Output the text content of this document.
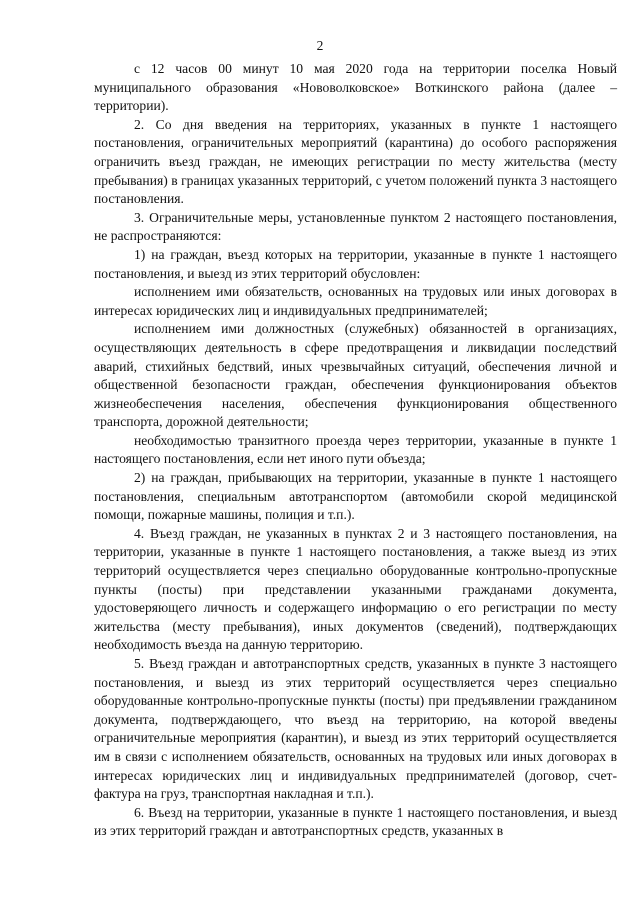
2

с 12 часов 00 минут 10 мая 2020 года на территории поселка Новый муниципального образования «Нововолковское» Воткинского района (далее – территории).

2. Со дня введения на территориях, указанных в пункте 1 настоящего постановления, ограничительных мероприятий (карантина) до особого распоряжения ограничить въезд граждан, не имеющих регистрации по месту жительства (месту пребывания) в границах указанных территорий, с учетом положений пункта 3 настоящего постановления.

3. Ограничительные меры, установленные пунктом 2 настоящего постановления, не распространяются:

1) на граждан, въезд которых на территории, указанные в пункте 1 настоящего постановления, и выезд из этих территорий обусловлен:

исполнением ими обязательств, основанных на трудовых или иных договорах в интересах юридических лиц и индивидуальных предпринимателей;

исполнением ими должностных (служебных) обязанностей в организациях, осуществляющих деятельность в сфере предотвращения и ликвидации последствий аварий, стихийных бедствий, иных чрезвычайных ситуаций, обеспечения личной и общественной безопасности граждан, обеспечения функционирования объектов жизнеобеспечения населения, обеспечения функционирования общественного транспорта, дорожной деятельности;

необходимостью транзитного проезда через территории, указанные в пункте 1 настоящего постановления, если нет иного пути объезда;

2) на граждан, прибывающих на территории, указанные в пункте 1 настоящего постановления, специальным автотранспортом (автомобили скорой медицинской помощи, пожарные машины, полиция и т.п.).

4. Въезд граждан, не указанных в пунктах 2 и 3 настоящего постановления, на территории, указанные в пункте 1 настоящего постановления, а также выезд из этих территорий осуществляется через специально оборудованные контрольно-пропускные пункты (посты) при представлении указанными гражданами документа, удостоверяющего личность и содержащего информацию о его регистрации по месту жительства (месту пребывания), иных документов (сведений), подтверждающих необходимость въезда на данную территорию.

5. Въезд граждан и автотранспортных средств, указанных в пункте 3 настоящего постановления, и выезд из этих территорий осуществляется через специально оборудованные контрольно-пропускные пункты (посты) при предъявлении гражданином документа, подтверждающего, что въезд на территорию, на которой введены ограничительные мероприятия (карантин), и выезд из этих территорий осуществляется им в связи с исполнением обязательств, основанных на трудовых или иных договорах в интересах юридических лиц и индивидуальных предпринимателей (договор, счет-фактура на груз, транспортная накладная и т.п.).

6. Въезд на территории, указанные в пункте 1 настоящего постановления, и выезд из этих территорий граждан и автотранспортных средств, указанных в
